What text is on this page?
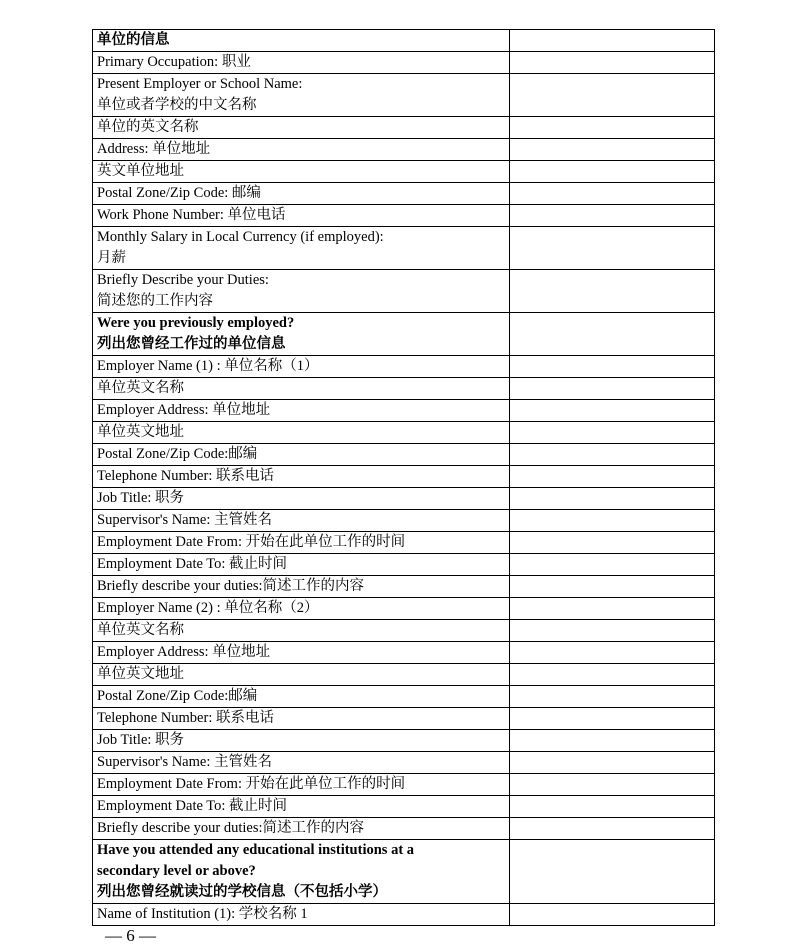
单位的信息	

Primary Occupation: 职业	

Present Employer or School Name:
单位或者学校的中文名称	

单位的英文名称	

Address: 单位地址	

英文单位地址	

Postal Zone/Zip Code: 邮编	

Work Phone Number: 单位电话	

Monthly Salary in Local Currency (if employed):
月薪	

Briefly Describe your Duties:
简述您的工作内容	

Were you previously employed?
列出您曾经工作过的单位信息	

Employer Name (1) : 单位名称（1）	

单位英文名称	

Employer Address: 单位地址	

单位英文地址	

Postal Zone/Zip Code:邮编	

Telephone Number: 联系电话	

Job Title: 职务	

Supervisor's Name: 主管姓名	

Employment Date From: 开始在此单位工作的时间	

Employment Date To: 截止时间	

Briefly describe your duties:简述工作的内容	

Employer Name (2) : 单位名称（2）	

单位英文名称	

Employer Address: 单位地址	

单位英文地址	

Postal Zone/Zip Code:邮编	

Telephone Number: 联系电话	

Job Title: 职务	

Supervisor's Name: 主管姓名	

Employment Date From: 开始在此单位工作的时间	

Employment Date To: 截止时间	

Briefly describe your duties:简述工作的内容	

Have you attended any educational institutions at a
secondary level or above?
列出您曾经就读过的学校信息（不包括小学）	

Name of Institution (1): 学校名称 1	

— 6 —
